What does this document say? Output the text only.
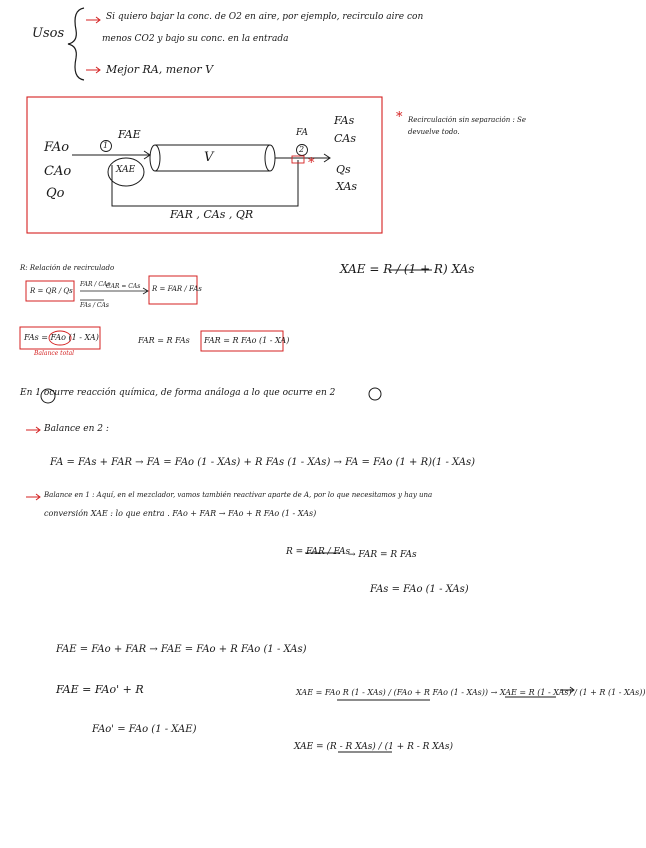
Usos
Si quiero bajar la conc. de O2 en aire, por ejemplo, recirculo aire con
menos CO2 y bajo su conc. en la entrada
Mejor RA, menor V
FAo
CAo
Qo
1	2
FAE
XAE
V
FA
FAs
CAs
Qs
XAs
*
FAR , CAs , QR
* Recirculación sin separación : Se devuelve todo.
R: Relación de recirculado
R = QR / Qs
FAR / CAs
FAs / CAs
CAR = CAs R = FAR / FAs
FAs = FAo (1 - XA)
Balance total
FAR = R FAs FAR = R FAo (1 - XA)
XAE = R / (1 + R) XAs
En 1 ocurre reacción química, de forma análoga a lo que ocurre en 2
Balance en 2 :
FA = FAs + FAR → FA = FAo (1 - XAs) + R FAs (1 - XAs) → FA = FAo (1 + R)(1 - XAs)
Balance en 1 : Aquí, en el mezclador, vamos también reactivar aparte de A, por lo que necesitamos y hay una
conversión XAE : lo que entra . FAo + FAR → FAo + R FAo (1 - XAs)
R = FAR / FAs
→ FAR = R FAs
FAs = FAo (1 - XAs)
FAE = FAo + FAR → FAE = FAo + R FAo (1 - XAs)
FAE = FAo' + R
FAo' = FAo (1 - XAE)
XAE = FAo R (1 - XAs) / (FAo + R FAo (1 - XAs)) → XAE = R (1 - XAs) / (1 + R (1 - XAs))
XAE = (R - R XAs) / (1 + R - R XAs)
